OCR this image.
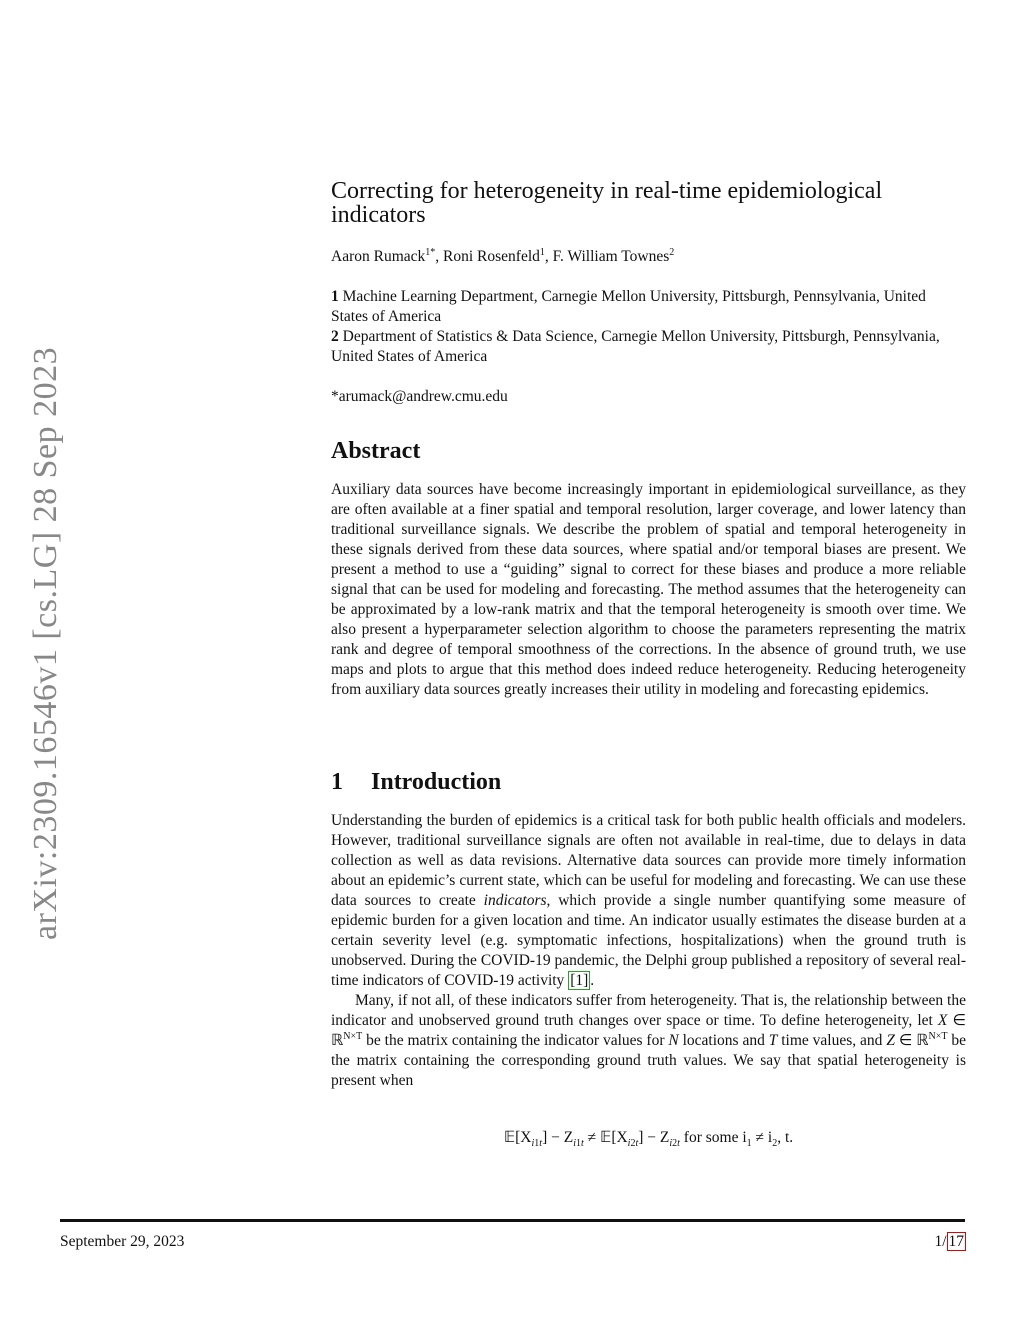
arXiv:2309.16546v1 [cs.LG] 28 Sep 2023
Correcting for heterogeneity in real-time epidemiological
indicators
Aaron Rumack$^{1*}$, Roni Rosenfeld$^1$, F. William Townes$^2$
1 Machine Learning Department, Carnegie Mellon University, Pittsburgh, Pennsylvania, United States of America
2 Department of Statistics & Data Science, Carnegie Mellon University, Pittsburgh, Pennsylvania, United States of America
*arumack@andrew.cmu.edu
Abstract
Auxiliary data sources have become increasingly important in epidemiological surveillance, as they are often available at a finer spatial and temporal resolution, larger coverage, and lower latency than traditional surveillance signals. We describe the problem of spatial and temporal heterogeneity in these signals derived from these data sources, where spatial and/or temporal biases are present. We present a method to use a “guiding” signal to correct for these biases and produce a more reliable signal that can be used for modeling and forecasting. The method assumes that the heterogeneity can be approximated by a low-rank matrix and that the temporal heterogeneity is smooth over time. We also present a hyperparameter selection algorithm to choose the parameters representing the matrix rank and degree of temporal smoothness of the corrections. In the absence of ground truth, we use maps and plots to argue that this method does indeed reduce heterogeneity. Reducing heterogeneity from auxiliary data sources greatly increases their utility in modeling and forecasting epidemics.
1 Introduction

Understanding the burden of epidemics is a critical task for both public health officials and modelers. However, traditional surveillance signals are often not available in real-time, due to delays in data collection as well as data revisions. Alternative data sources can provide more timely information about an epidemic’s current state, which can be useful for modeling and forecasting. We can use these data sources to create indicators, which provide a single number quantifying some measure of epidemic burden for a given location and time. An indicator usually estimates the disease burden at a certain severity level (e.g. symptomatic infections, hospitalizations) when the ground truth is unobserved. During the COVID-19 pandemic, the Delphi group published a repository of several real-time indicators of COVID-19 activity [1] .

Many, if not all, of these indicators suffer from heterogeneity. That is, the relationship between the indicator and unobserved ground truth changes over space or time. To define heterogeneity, let X ∈ ℝ$^{N\times T}$ be the matrix containing the indicator values for N locations and T time values, and Z ∈ ℝ$^{N\times T}$ be the matrix containing the corresponding ground truth values. We say that spatial heterogeneity is present when

$𝔼[X_{i1t}] - Z_{i1t}$ ≠ $𝔼[X_{i2t}] - Z_{i2t}$ for some $i_1 \ne i_2$, t.
September 29, 2023	1/ 17
